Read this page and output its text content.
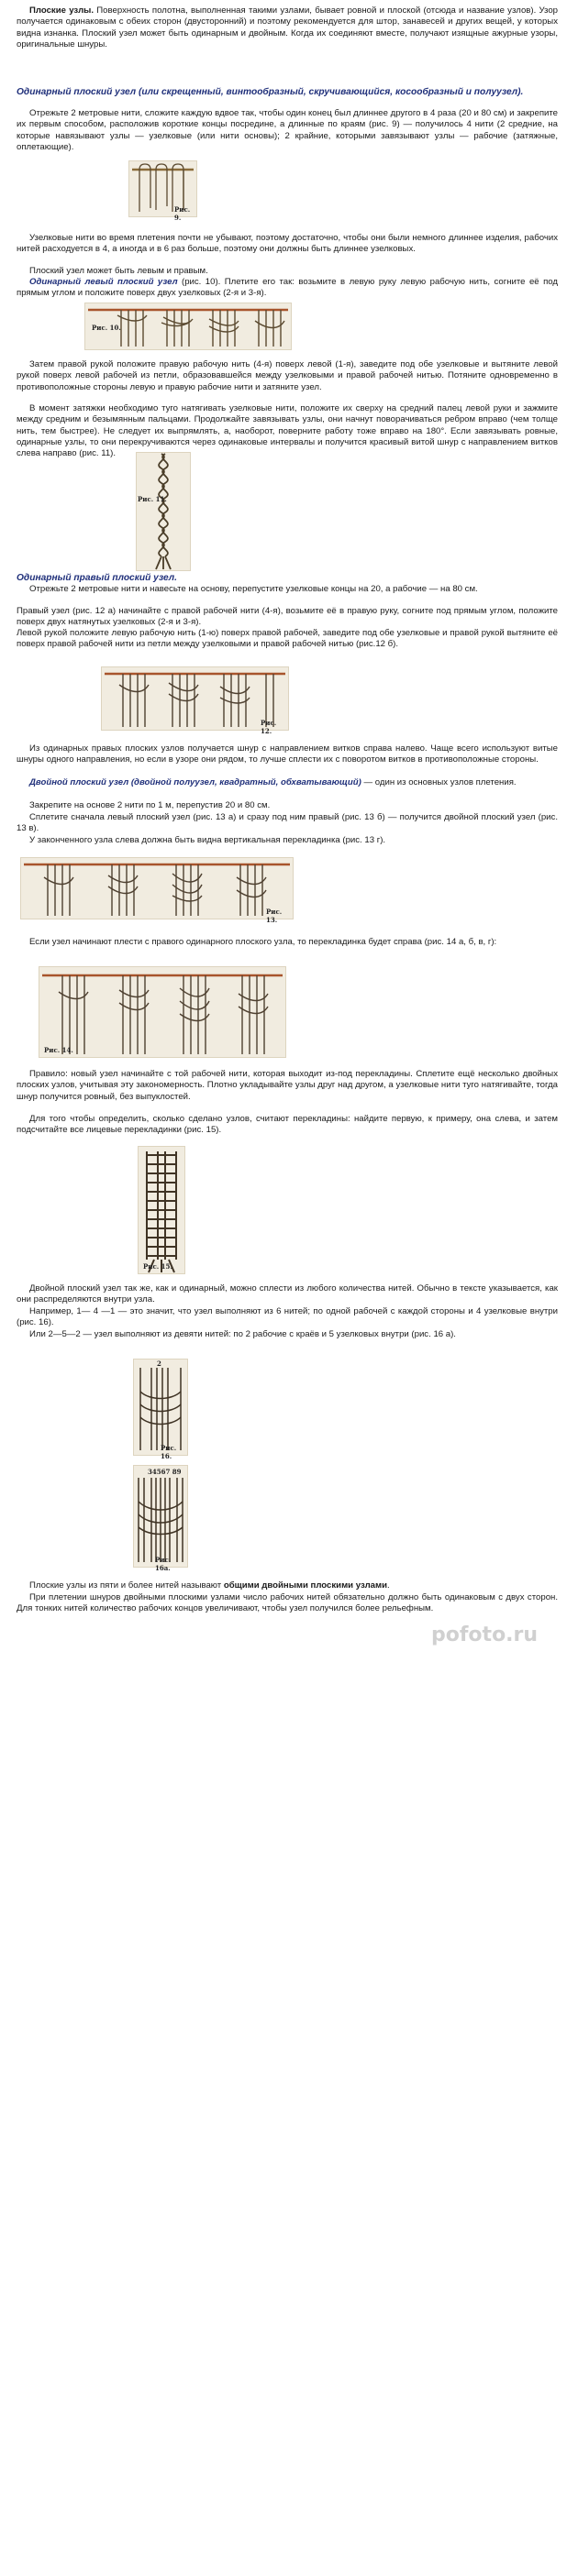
Плоские узлы. Поверхность полотна, выполненная такими узлами, бывает ровной и плоской (отсюда и название узлов). Узор получается одинаковым с обеих сторон (двусторонний) и поэтому рекомендуется для штор, занавесей и других вещей, у которых видна изнанка. Плоский узел может быть одинарным и двойным. Когда их соединяют вместе, получают изящные ажурные узоры, оригинальные шнуры.

Одинарный плоский узел (или скрещенный, винтообразный, скручивающийся, косообразный и полуузел).

Отрежьте 2 метровые нити, сложите каждую вдвое так, чтобы один конец был длиннее другого в 4 раза (20 и 80 см) и закрепите их первым способом, расположив короткие концы посредине, а длинные по краям (рис. 9) — получилось 4 нити (2 средние, на которые навязывают узлы — узелковые (или нити основы); 2 крайние, которыми завязывают узлы — рабочие (затяжные, оплетающие).

Рис. 9.

Узелковые нити во время плетения почти не убывают, поэтому достаточно, чтобы они были немного длиннее изделия, рабочих нитей расходуется в 4, а иногда и в 6 раз больше, поэтому они должны быть длиннее узелковых.

Плоский узел может быть левым и правым.

Одинарный левый плоский узел (рис. 10). Плетите его так: возьмите в левую руку левую рабочую нить, согните её под прямым углом и положите поверх двух узелковых (2-я и 3-я).

Рис. 10.

Затем правой рукой положите правую рабочую нить (4-я) поверх левой (1-я), заведите под обе узелковые и вытяните левой рукой поверх левой рабочей из петли, образовавшейся между узелковыми и правой рабочей нитью. Потяните одновременно в противоположные стороны левую и правую рабочие нити и затяните узел.

В момент затяжки необходимо туго натягивать узелковые нити, положите их сверху на средний палец левой руки и зажмите между средним и безымянным пальцами. Продолжайте завязывать узлы, они начнут поворачиваться ребром вправо (чем толще нить, тем быстрее). Не следует их выпрямлять, а, наоборот, поверните работу тоже вправо на 180°. Если завязывать ровные, одинарные узлы, то они перекручиваются через одинаковые интервалы и получится красивый витой шнур с направлением витков слева направо (рис. 11).

Рис. 11.

Одинарный правый плоский узел.

Отрежьте 2 метровые нити и навесьте на основу, перепустите узелковые концы на 20, а рабочие — на 80 см.

Правый узел (рис. 12 а) начинайте с правой рабочей нити (4-я), возьмите её в правую руку, согните под прямым углом, положите поверх двух натянутых узелковых (2-я и 3-я).

Левой рукой положите левую рабочую нить (1-ю) поверх правой рабочей, заведите под обе узелковые и правой рукой вытяните её поверх правой рабочей нити из петли между узелковыми и правой рабочей нитью (рис.12 б).

Рис. 12.

Из одинарных правых плоских узлов получается шнур с направлением витков справа налево. Чаще всего используют витые шнуры одного направления, но если в узоре они рядом, то лучше сплести их с поворотом витков в противоположные стороны.

Двойной плоский узел (двойной полуузел, квадратный, обхватывающий) — один из основных узлов плетения.

Закрепите на основе 2 нити по 1 м, перепустив 20 и 80 см.

Сплетите сначала левый плоский узел (рис. 13 а) и сразу под ним правый (рис. 13 б) — получится двойной плоский узел (рис. 13 в).

У законченного узла слева должна быть видна вертикальная перекладинка (рис. 13 г).

Рис. 13.

Если узел начинают плести с правого одинарного плоского узла, то перекладинка будет справа (рис. 14 а, б, в, г):

Рис. 14.

Правило: новый узел начинайте с той рабочей нити, которая выходит из-под перекладины. Сплетите ещё несколько двойных плоских узлов, учитывая эту закономерность. Плотно укладывайте узлы друг над другом, а узелковые нити туго натягивайте, тогда шнур получится ровный, без выпуклостей.

Для того чтобы определить, сколько сделано узлов, считают перекладины: найдите первую, к примеру, она слева, и затем подсчитайте все лицевые перекладинки (рис. 15).

Рис. 15.

Двойной плоский узел так же, как и одинарный, можно сплести из любого количества нитей. Обычно в тексте указывается, как они распределяются внутри узла.

Например, 1— 4 —1 — это значит, что узел выполняют из 6 нитей; по одной рабочей с каждой стороны и 4 узелковые внутри (рис. 16).

Или 2—5—2 — узел выполняют из девяти нитей: по 2 рабочие с краёв и 5 узелковых внутри (рис. 16 а).

2
Рис. 16.
34567 89
Рис. 16а.

Плоские узлы из пяти и более нитей называют общими двойными плоскими узлами.

При плетении шнуров двойными плоскими узлами число рабочих нитей обязательно должно быть одинаковым с двух сторон. Для тонких нитей количество рабочих концов увеличивают, чтобы узел получился более рельефным.

pofoto.ru
